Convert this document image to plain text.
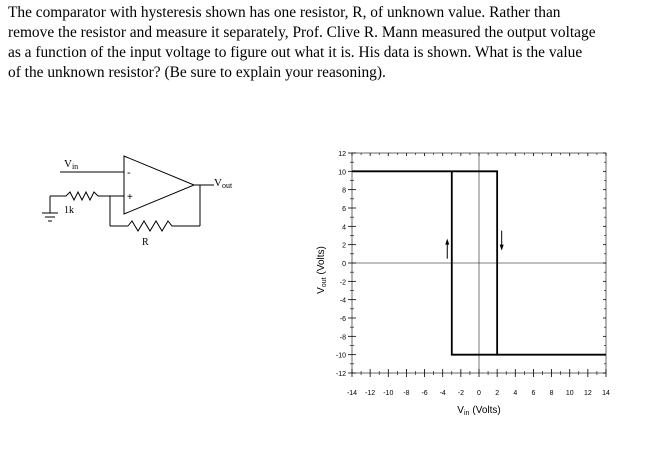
The comparator with hysteresis shown has one resistor, R, of unknown value. Rather than
remove the resistor and measure it separately, Prof. Clive R. Mann measured the output voltage
as a function of the input voltage to figure out what it is. His data is shown. What is the value
of the unknown resistor? (Be sure to explain your reasoning).
-
+
Vin
Vout
1k
R
-12
-10
-8
-6
-4
-2
0
2
4
6
8
10
12
-14 -12 -10 -8 -6 -4 -2 0 2 4 6 8 10 12 14
$V_{out}(Volts)$
$V_{in}$ (Volts)
